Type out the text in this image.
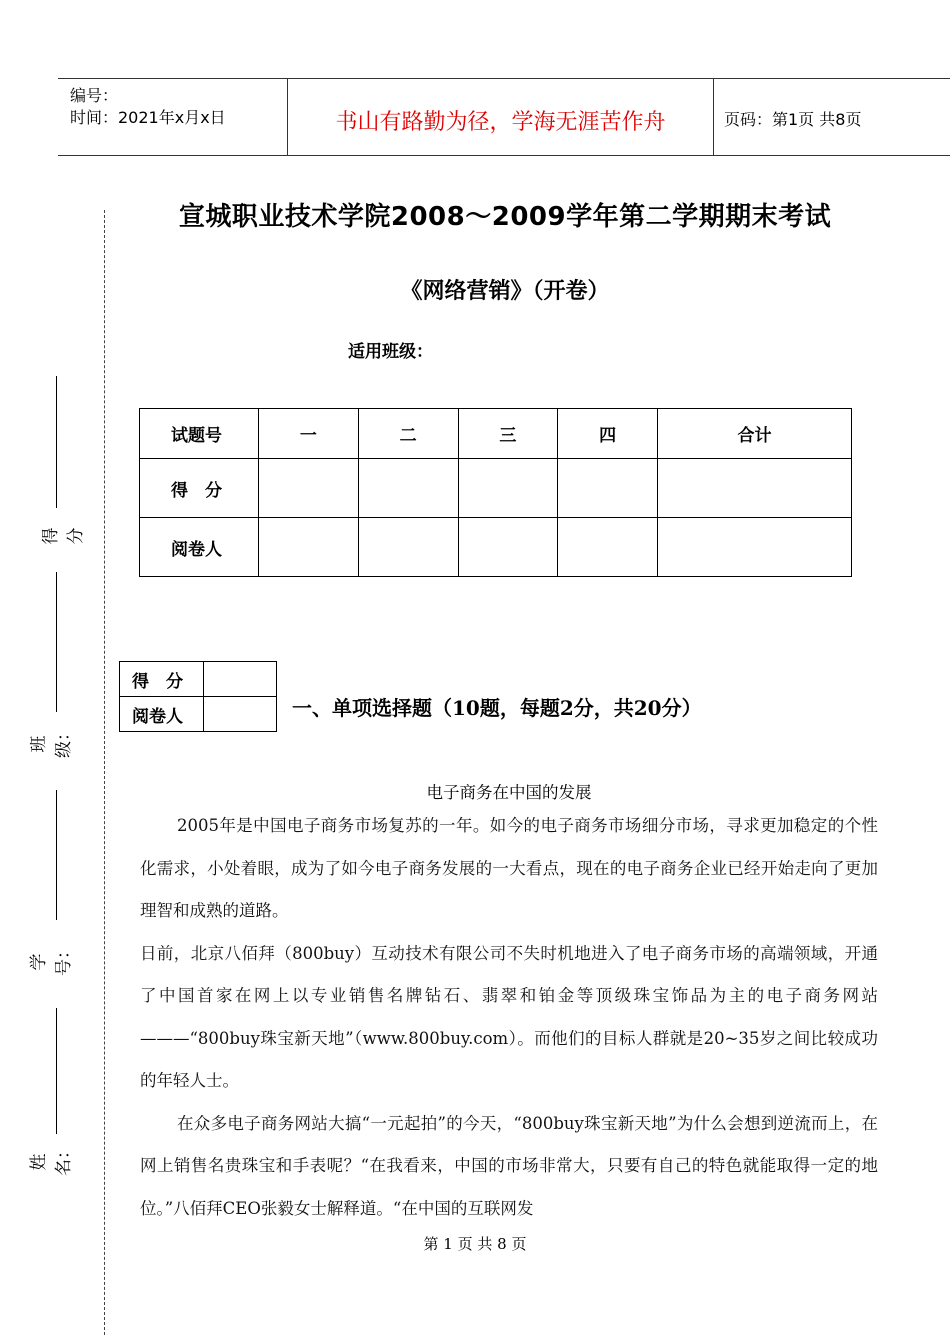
编号：
时间：2021年x月x日	书山有路勤为径，学海无涯苦作舟	页码：第1页 共8页
得分
班级：
学号：
姓名：
宣城职业技术学院2008～2009学年第二学期期末考试
《网络营销》（开卷）
适用班级：
试题号	一	二	三	四	合计
得　分					
阅卷人					
得　分	
阅卷人		一、单项选择题（10题，每题2分，共20分）
电子商务在中国的发展

2005年是中国电子商务市场复苏的一年。如今的电子商务市场细分市场，寻求更加稳定的个性化需求，小处着眼，成为了如今电子商务发展的一大看点，现在的电子商务企业已经开始走向了更加理智和成熟的道路。

日前，北京八佰拜（800buy）互动技术有限公司不失时机地进入了电子商务市场的高端领域，开通了中国首家在网上以专业销售名牌钻石、翡翠和铂金等顶级珠宝饰品为主的电子商务网站———“800buy珠宝新天地”（www.800buy.com）。而他们的目标人群就是20~35岁之间比较成功的年轻人士。

在众多电子商务网站大搞“一元起拍”的今天，“800buy珠宝新天地”为什么会想到逆流而上，在网上销售名贵珠宝和手表呢？“在我看来，中国的市场非常大，只要有自己的特色就能取得一定的地位。”八佰拜CEO张毅女士解释道。“在中国的互联网发

第 1 页 共 8 页
